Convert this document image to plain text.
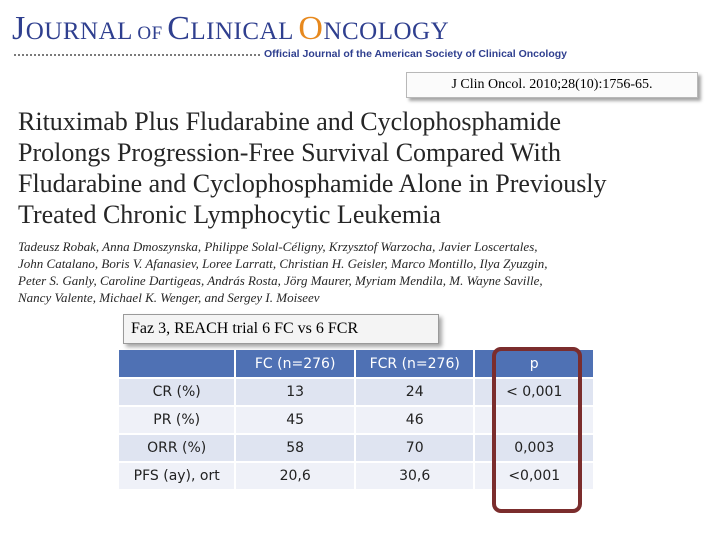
JOURNAL OF CLINICAL ONCOLOGY
Official Journal of the American Society of Clinical Oncology
J Clin Oncol. 2010;28(10):1756-65.
Rituximab Plus Fludarabine and Cyclophosphamide
Prolongs Progression-Free Survival Compared With
Fludarabine and Cyclophosphamide Alone in Previously
Treated Chronic Lymphocytic Leukemia
Tadeusz Robak, Anna Dmoszynska, Philippe Solal-Céligny, Krzysztof Warzocha, Javier Loscertales,
John Catalano, Boris V. Afanasiev, Loree Larratt, Christian H. Geisler, Marco Montillo, Ilya Zyuzgin,
Peter S. Ganly, Caroline Dartigeas, András Rosta, Jörg Maurer, Myriam Mendila, M. Wayne Saville,
Nancy Valente, Michael K. Wenger, and Sergey I. Moiseev
Faz 3, REACH trial 6 FC vs 6 FCR
	FC (n=276)	FCR (n=276)	p
CR (%)	13	24	< 0,001
PR (%)	45	46	
ORR (%)	58	70	0,003
PFS (ay), ort	20,6	30,6	<0,001
